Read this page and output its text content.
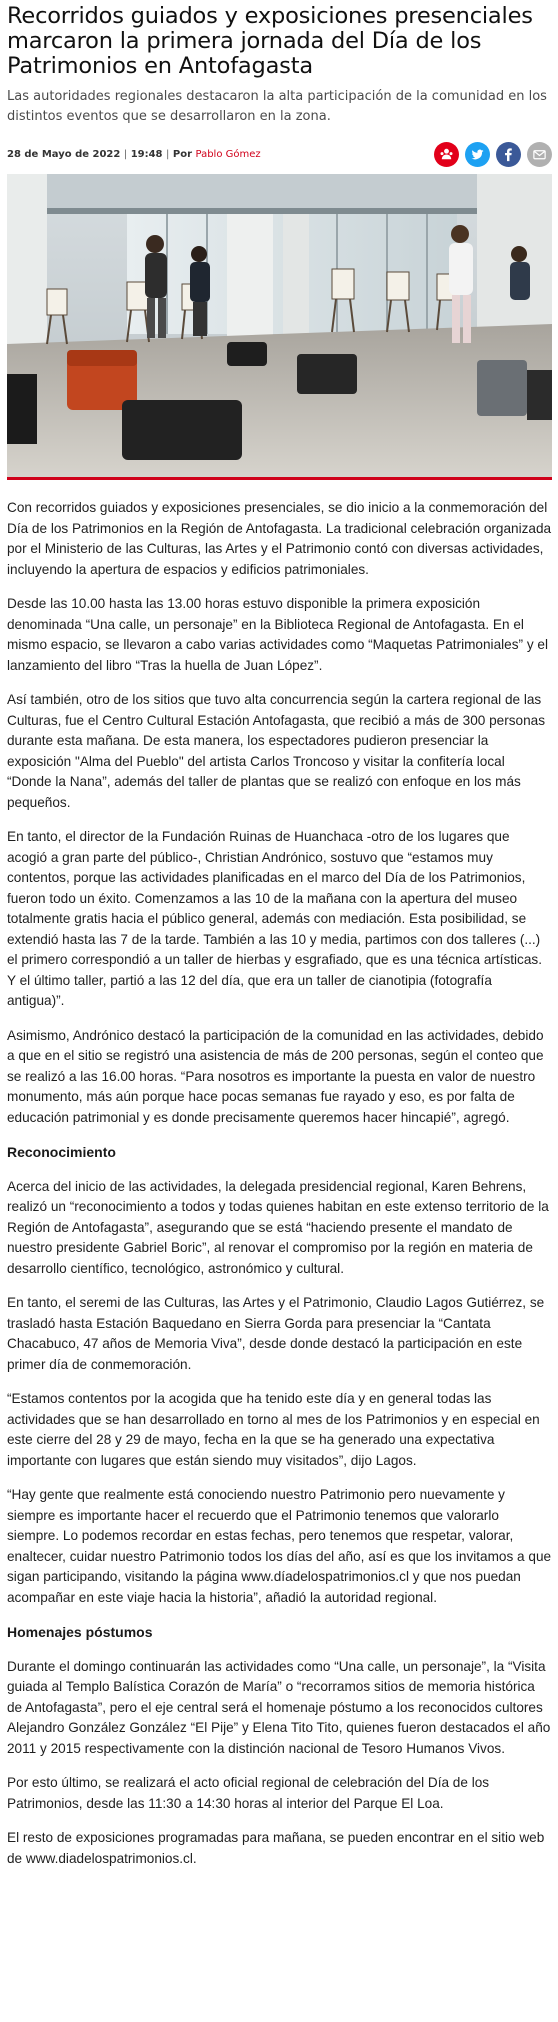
Recorridos guiados y exposiciones presenciales marcaron la primera jornada del Día de los Patrimonios en Antofagasta

Las autoridades regionales destacaron la alta participación de la comunidad en los distintos eventos que se desarrollaron en la zona.

28 de Mayo de 2022 | 19:48 | Por Pablo Gómez

Con recorridos guiados y exposiciones presenciales, se dio inicio a la conmemoración del Día de los Patrimonios en la Región de Antofagasta. La tradicional celebración organizada por el Ministerio de las Culturas, las Artes y el Patrimonio contó con diversas actividades, incluyendo la apertura de espacios y edificios patrimoniales.

Desde las 10.00 hasta las 13.00 horas estuvo disponible la primera exposición denominada “Una calle, un personaje” en la Biblioteca Regional de Antofagasta. En el mismo espacio, se llevaron a cabo varias actividades como “Maquetas Patrimoniales” y el lanzamiento del libro “Tras la huella de Juan López”.

Así también, otro de los sitios que tuvo alta concurrencia según la cartera regional de las Culturas, fue el Centro Cultural Estación Antofagasta, que recibió a más de 300 personas durante esta mañana. De esta manera, los espectadores pudieron presenciar la exposición "Alma del Pueblo" del artista Carlos Troncoso y visitar la confitería local “Donde la Nana”, además del taller de plantas que se realizó con enfoque en los más pequeños.

En tanto, el director de la Fundación Ruinas de Huanchaca -otro de los lugares que acogió a gran parte del público-, Christian Andrónico, sostuvo que “estamos muy contentos, porque las actividades planificadas en el marco del Día de los Patrimonios, fueron todo un éxito. Comenzamos a las 10 de la mañana con la apertura del museo totalmente gratis hacia el público general, además con mediación. Esta posibilidad, se extendió hasta las 7 de la tarde. También a las 10 y media, partimos con dos talleres (...) el primero correspondió a un taller de hierbas y esgrafiado, que es una técnica artísticas. Y el último taller, partió a las 12 del día, que era un taller de cianotipia (fotografía antigua)”.

Asimismo, Andrónico destacó la participación de la comunidad en las actividades, debido a que en el sitio se registró una asistencia de más de 200 personas, según el conteo que se realizó a las 16.00 horas. “Para nosotros es importante la puesta en valor de nuestro monumento, más aún porque hace pocas semanas fue rayado y eso, es por falta de educación patrimonial y es donde precisamente queremos hacer hincapié”, agregó.

Reconocimiento

Acerca del inicio de las actividades, la delegada presidencial regional, Karen Behrens, realizó un “reconocimiento a todos y todas quienes habitan en este extenso territorio de la Región de Antofagasta”, asegurando que se está “haciendo presente el mandato de nuestro presidente Gabriel Boric”, al renovar el compromiso por la región en materia de desarrollo científico, tecnológico, astronómico y cultural.

En tanto, el seremi de las Culturas, las Artes y el Patrimonio, Claudio Lagos Gutiérrez, se trasladó hasta Estación Baquedano en Sierra Gorda para presenciar la “Cantata Chacabuco, 47 años de Memoria Viva”, desde donde destacó la participación en este primer día de conmemoración.

“Estamos contentos por la acogida que ha tenido este día y en general todas las actividades que se han desarrollado en torno al mes de los Patrimonios y en especial en este cierre del 28 y 29 de mayo, fecha en la que se ha generado una expectativa importante con lugares que están siendo muy visitados”, dijo Lagos.

“Hay gente que realmente está conociendo nuestro Patrimonio pero nuevamente y siempre es importante hacer el recuerdo que el Patrimonio tenemos que valorarlo siempre. Lo podemos recordar en estas fechas, pero tenemos que respetar, valorar, enaltecer, cuidar nuestro Patrimonio todos los días del año, así es que los invitamos a que sigan participando, visitando la página www.díadelospatrimonios.cl y que nos puedan acompañar en este viaje hacia la historia”, añadió la autoridad regional.

Homenajes póstumos

Durante el domingo continuarán las actividades como “Una calle, un personaje”, la “Visita guiada al Templo Balística Corazón de María” o “recorramos sitios de memoria histórica de Antofagasta”, pero el eje central será el homenaje póstumo a los reconocidos cultores Alejandro González González “El Pije” y Elena Tito Tito, quienes fueron destacados el año 2011 y 2015 respectivamente con la distinción nacional de Tesoro Humanos Vivos.

Por esto último, se realizará el acto oficial regional de celebración del Día de los Patrimonios, desde las 11:30 a 14:30 horas al interior del Parque El Loa.

El resto de exposiciones programadas para mañana, se pueden encontrar en el sitio web de www.diadelospatrimonios.cl.
